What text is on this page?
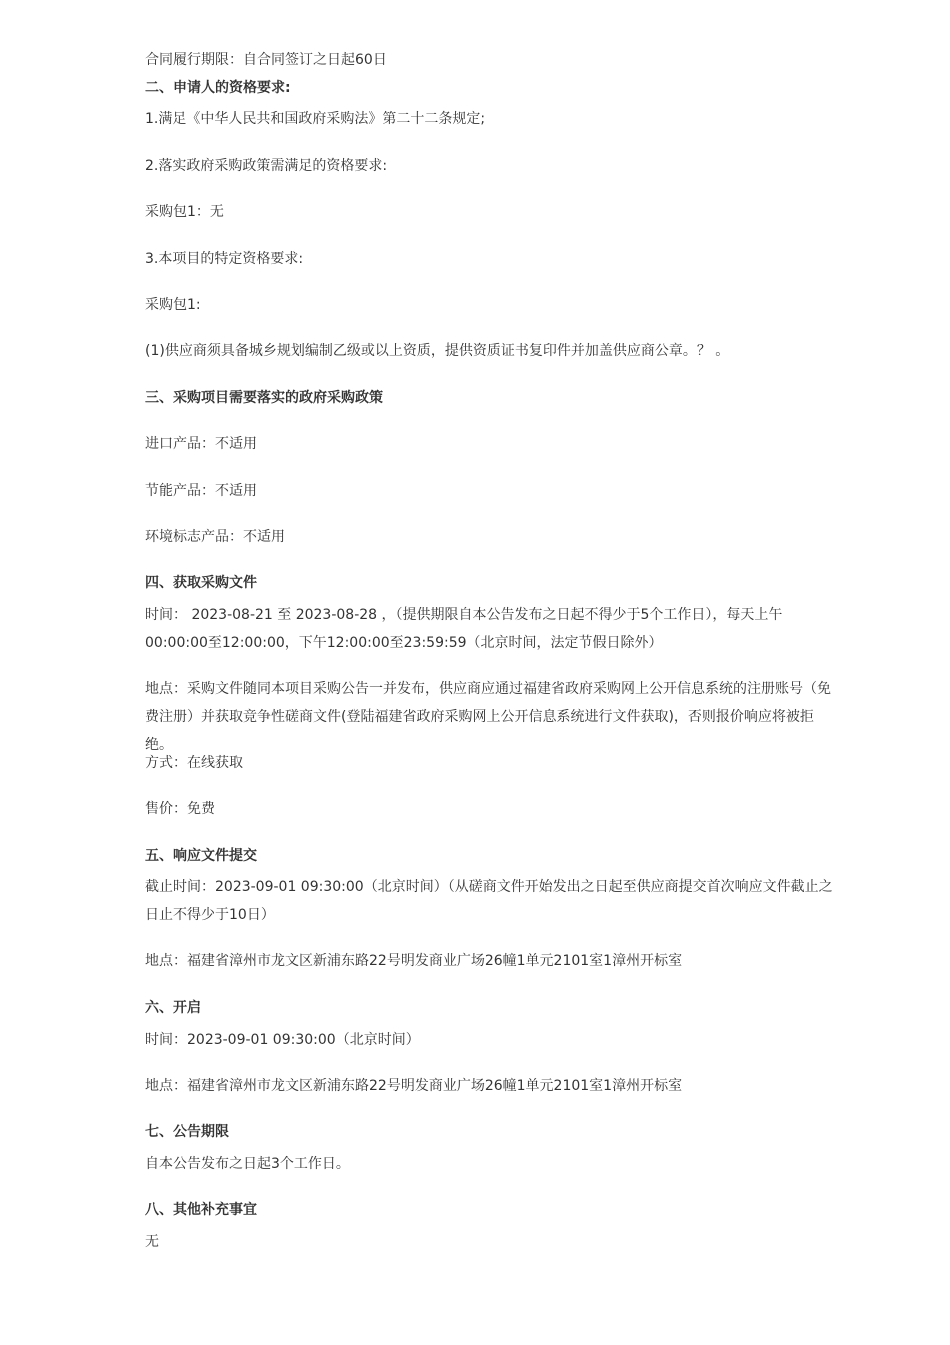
合同履行期限：自合同签订之日起60日
二、申请人的资格要求:
1.满足《中华人民共和国政府采购法》第二十二条规定;
2.落实政府采购政策需满足的资格要求:
采购包1：无
3.本项目的特定资格要求:
采购包1:
(1)供应商须具备城乡规划编制乙级或以上资质，提供资质证书复印件并加盖供应商公章。？ 。
三、采购项目需要落实的政府采购政策
进口产品：不适用
节能产品：不适用
环境标志产品：不适用
四、获取采购文件
时间： 2023-08-21 至 2023-08-28 ，（提供期限自本公告发布之日起不得少于5个工作日），每天上午00:00:00至12:00:00，下午12:00:00至23:59:59（北京时间，法定节假日除外）
地点：采购文件随同本项目采购公告一并发布，供应商应通过福建省政府采购网上公开信息系统的注册账号（免费注册）并获取竞争性磋商文件(登陆福建省政府采购网上公开信息系统进行文件获取)，否则报价响应将被拒绝。
方式：在线获取
售价：免费
五、响应文件提交
截止时间：2023-09-01 09:30:00（北京时间）（从磋商文件开始发出之日起至供应商提交首次响应文件截止之日止不得少于10日）
地点：福建省漳州市龙文区新浦东路22号明发商业广场26幢1单元2101室1漳州开标室
六、开启
时间：2023-09-01 09:30:00（北京时间）
地点：福建省漳州市龙文区新浦东路22号明发商业广场26幢1单元2101室1漳州开标室
七、公告期限
自本公告发布之日起3个工作日。
八、其他补充事宜
无
